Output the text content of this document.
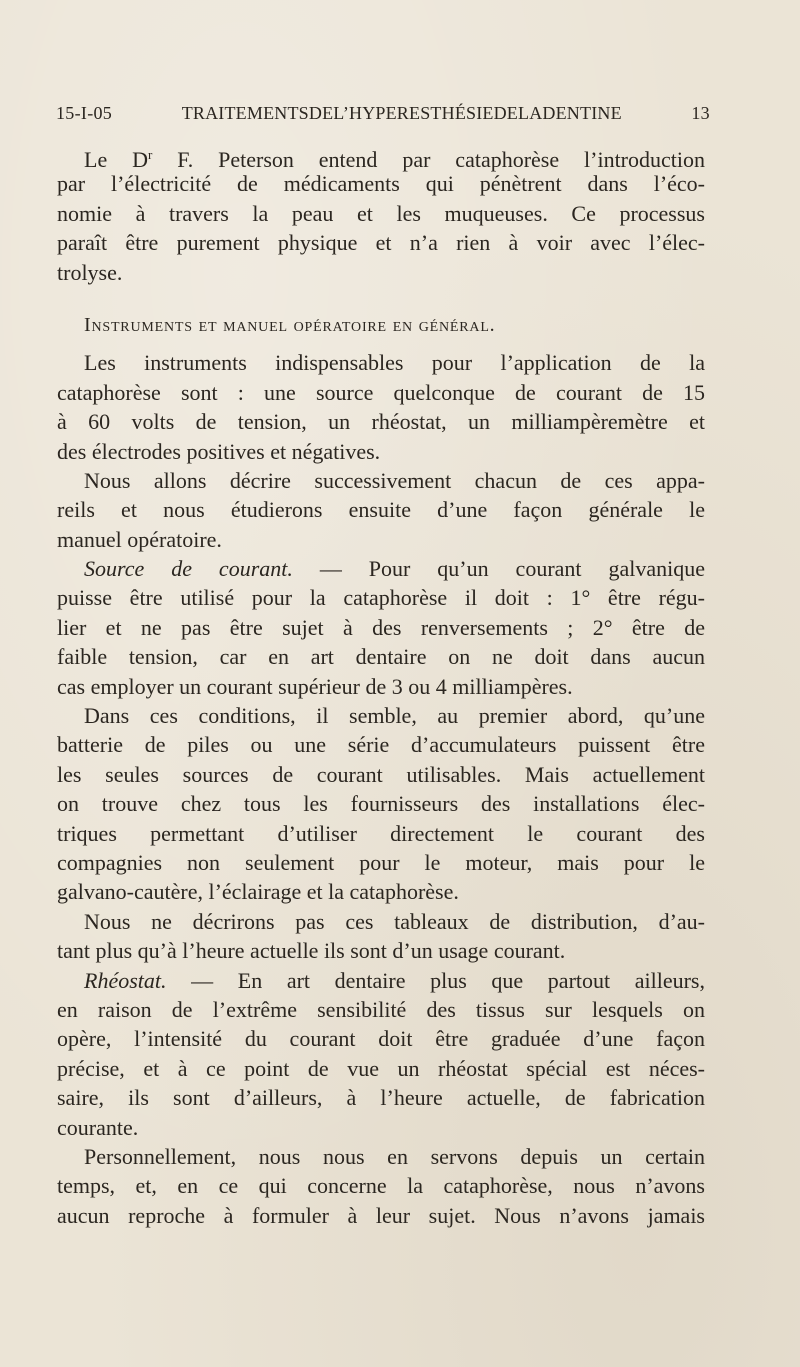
15-I-05	TRAITEMENTSDEL’HYPERESTHÉSIEDELADENTINE	13
Le $D^r$ F. Peterson entend par cataphorèse l’introduction
par l’électricité de médicaments qui pénètrent dans l’éco-
nomie à travers la peau et les muqueuses. Ce processus
paraît être purement physique et n’a rien à voir avec l’élec-
trolyse.
Instruments et manuel opératoire en général.
Les instruments indispensables pour l’application de la
cataphorèse sont : une source quelconque de courant de 15
à 60 volts de tension, un rhéostat, un milliampèremètre et
des électrodes positives et négatives.
Nous allons décrire successivement chacun de ces appa-
reils et nous étudierons ensuite d’une façon générale le
manuel opératoire.
Source de courant. — Pour qu’un courant galvanique
puisse être utilisé pour la cataphorèse il doit : 1° être régu-
lier et ne pas être sujet à des renversements ; 2° être de
faible tension, car en art dentaire on ne doit dans aucun
cas employer un courant supérieur de 3 ou 4 milliampères.
Dans ces conditions, il semble, au premier abord, qu’une
batterie de piles ou une série d’accumulateurs puissent être
les seules sources de courant utilisables. Mais actuellement
on trouve chez tous les fournisseurs des installations élec-
triques permettant d’utiliser directement le courant des
compagnies non seulement pour le moteur, mais pour le
galvano-cautère, l’éclairage et la cataphorèse.
Nous ne décrirons pas ces tableaux de distribution, d’au-
tant plus qu’à l’heure actuelle ils sont d’un usage courant.
Rhéostat. — En art dentaire plus que partout ailleurs,
en raison de l’extrême sensibilité des tissus sur lesquels on
opère, l’intensité du courant doit être graduée d’une façon
précise, et à ce point de vue un rhéostat spécial est néces-
saire, ils sont d’ailleurs, à l’heure actuelle, de fabrication
courante.
Personnellement, nous nous en servons depuis un certain
temps, et, en ce qui concerne la cataphorèse, nous n’avons
aucun reproche à formuler à leur sujet. Nous n’avons jamais
